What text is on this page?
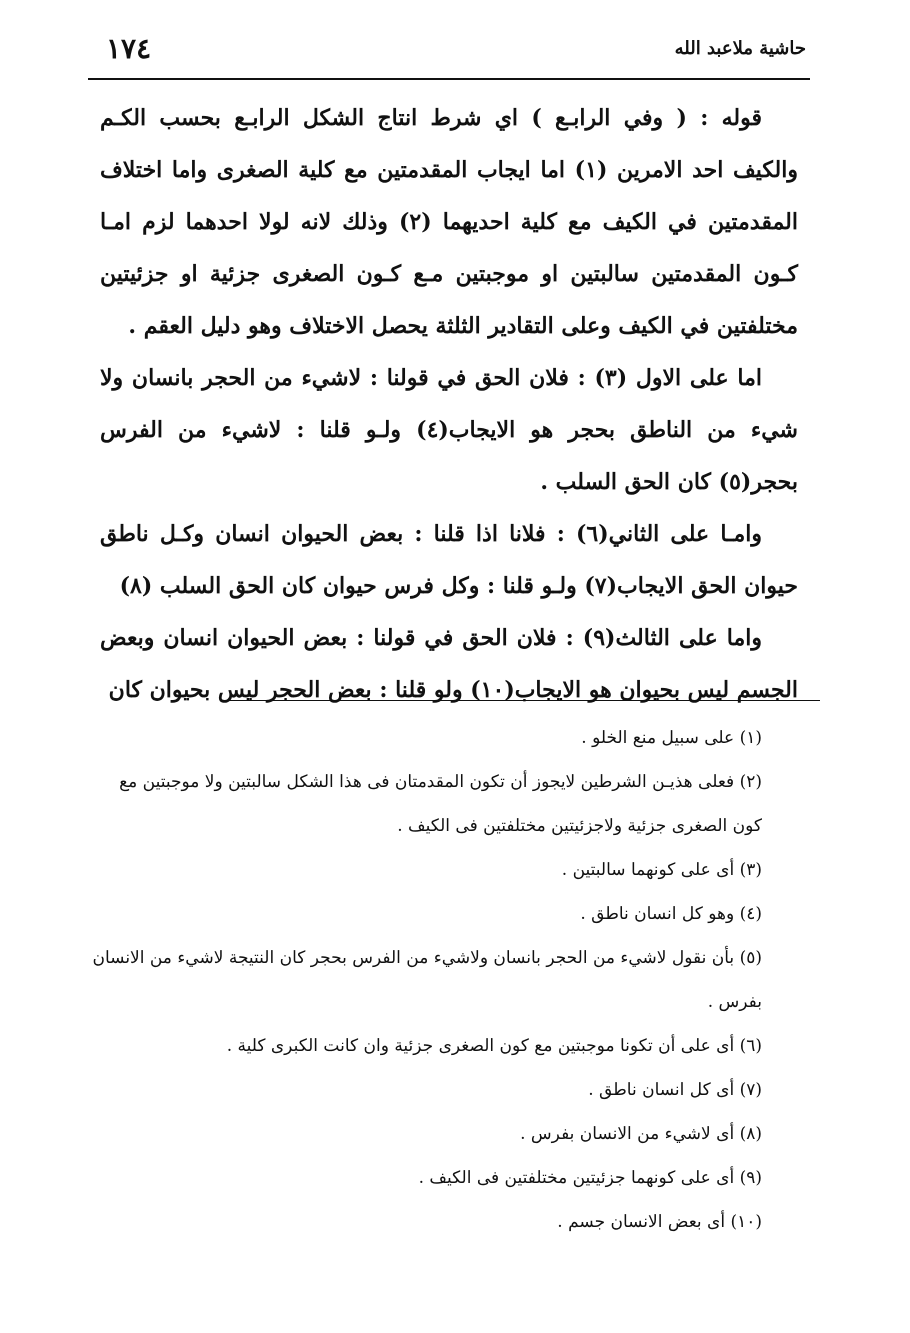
حاشية ملاعبد الله
١٧٤

قوله : ( وفي الرابـع ) اي شرط انتاج الشكل الرابـع بحسب الكـم والكيف احد الامرين (١) اما ايجاب المقدمتين مع كلية الصغرى واما اختلاف المقدمتين في الكيف مع كلية احديهما (٢) وذلك لانه لولا احدهما لزم امـا كـون المقدمتين سالبتين او موجبتين مـع كـون الصغرى جزئية او جزئيتين مختلفتين في الكيف وعلى التقادير الثلثة يحصل الاختلاف وهو دليل العقم .

اما على الاول (٣) : فلان الحق في قولنا : لاشيء من الحجر بانسان ولا شيء من الناطق بحجر هو الايجاب(٤) ولـو قلنا : لاشيء من الفرس بحجر(٥) كان الحق السلب .

وامـا على الثاني(٦) : فلانا اذا قلنا : بعض الحيوان انسان وكـل ناطق حيوان الحق الايجاب(٧) ولـو قلنا : وكل فرس حيوان كان الحق السلب (٨)

واما على الثالث(٩) : فلان الحق في قولنا : بعض الحيوان انسان وبعض الجسم ليس بحيوان هو الايجاب(١٠) ولو قلنا : بعض الحجر ليس بحيوان كان

(١) على سبيل منع الخلو .

(٢) فعلى هذيـن الشرطين لايجوز أن تكون المقدمتان فى هذا الشكل سالبتين ولا موجبتين مع كون الصغرى جزئية ولاجزئيتين مختلفتين فى الكيف .

(٣) أى على كونهما سالبتين .

(٤) وهو كل انسان ناطق .

(٥) بأن نقول لاشيء من الحجر بانسان ولاشيء من الفرس بحجر كان النتيجة لاشيء من الانسان بفرس .

(٦) أى على أن تكونا موجبتين مع كون الصغرى جزئية وان كانت الكبرى كلية .

(٧) أى كل انسان ناطق .

(٨) أى لاشيء من الانسان بفرس .

(٩) أى على كونهما جزئيتين مختلفتين فى الكيف .

(١٠) أى بعض الانسان جسم .
